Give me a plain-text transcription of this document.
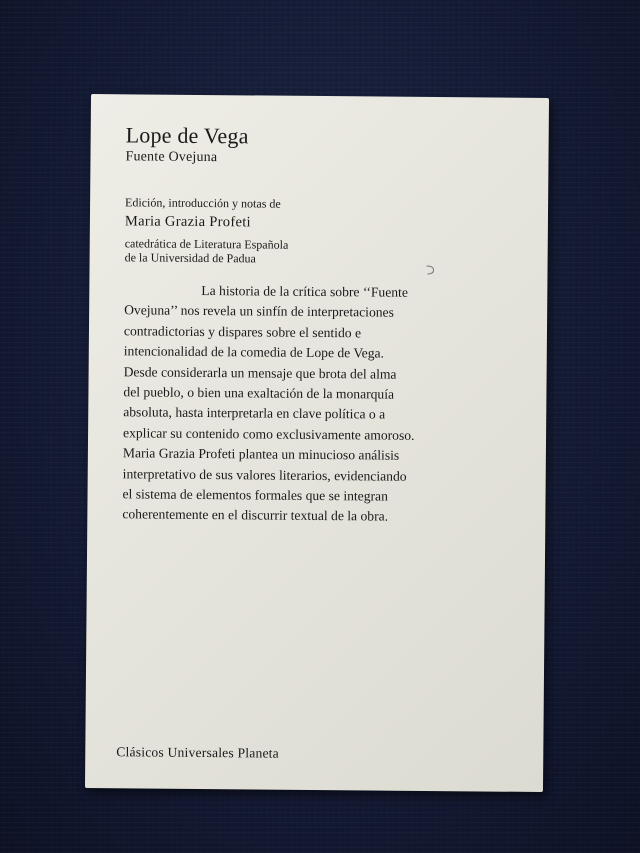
Lope de Vega
Fuente Ovejuna
Edición, introducción y notas de
Maria Grazia Profeti
catedrática de Literatura Española
de la Universidad de Padua
La historia de la crítica sobre ‘‘Fuente
Ovejuna’’ nos revela un sinfín de interpretaciones
contradictorias y dispares sobre el sentido e
intencionalidad de la comedia de Lope de Vega.
Desde considerarla un mensaje que brota del alma
del pueblo, o bien una exaltación de la monarquía
absoluta, hasta interpretarla en clave política o a
explicar su contenido como exclusivamente amoroso.
Maria Grazia Profeti plantea un minucioso análisis
interpretativo de sus valores literarios, evidenciando
el sistema de elementos formales que se integran
coherentemente en el discurrir textual de la obra.
Clásicos Universales Planeta
